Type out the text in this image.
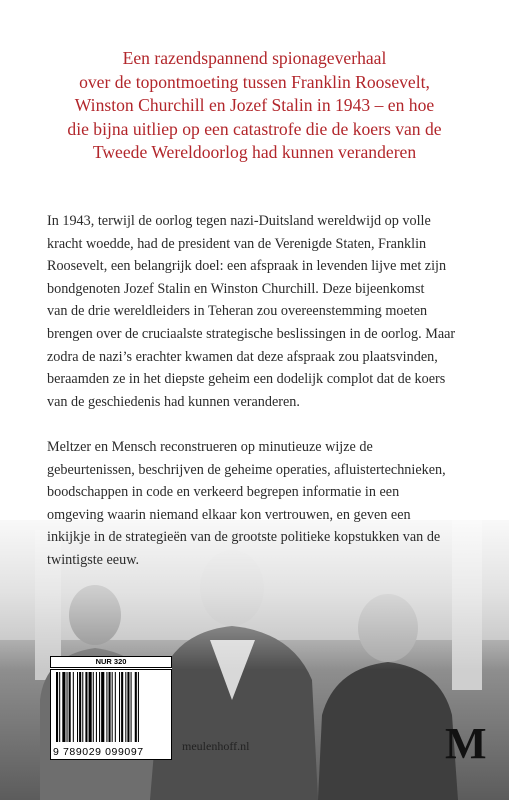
Een razendspannend spionageverhaal
over de topontmoeting tussen Franklin Roosevelt,
Winston Churchill en Jozef Stalin in 1943 – en hoe
die bijna uitliep op een catastrofe die de koers van de
Tweede Wereldoorlog had kunnen veranderen
In 1943, terwijl de oorlog tegen nazi-Duitsland wereldwijd op volle
kracht woedde, had de president van de Verenigde Staten, Franklin
Roosevelt, een belangrijk doel: een afspraak in levenden lijve met zijn
bondgenoten Jozef Stalin en Winston Churchill. Deze bijeenkomst
van de drie wereldleiders in Teheran zou overeenstemming moeten
brengen over de cruciaalste strategische beslissingen in de oorlog. Maar
zodra de nazi’s erachter kwamen dat deze afspraak zou plaatsvinden,
beraamden ze in het diepste geheim een dodelijk complot dat de koers
van de geschiedenis had kunnen veranderen.
Meltzer en Mensch reconstrueren op minutieuze wijze de
gebeurtenissen, beschrijven de geheime operaties, afluistertechnieken,
boodschappen in code en verkeerd begrepen informatie in een
omgeving waarin niemand elkaar kon vertrouwen, en geven een
inkijkje in de strategieën van de grootste politieke kopstukken van de
twintigste eeuw.
NUR 320
9 789029 099097	meulenhoff.nl	M
